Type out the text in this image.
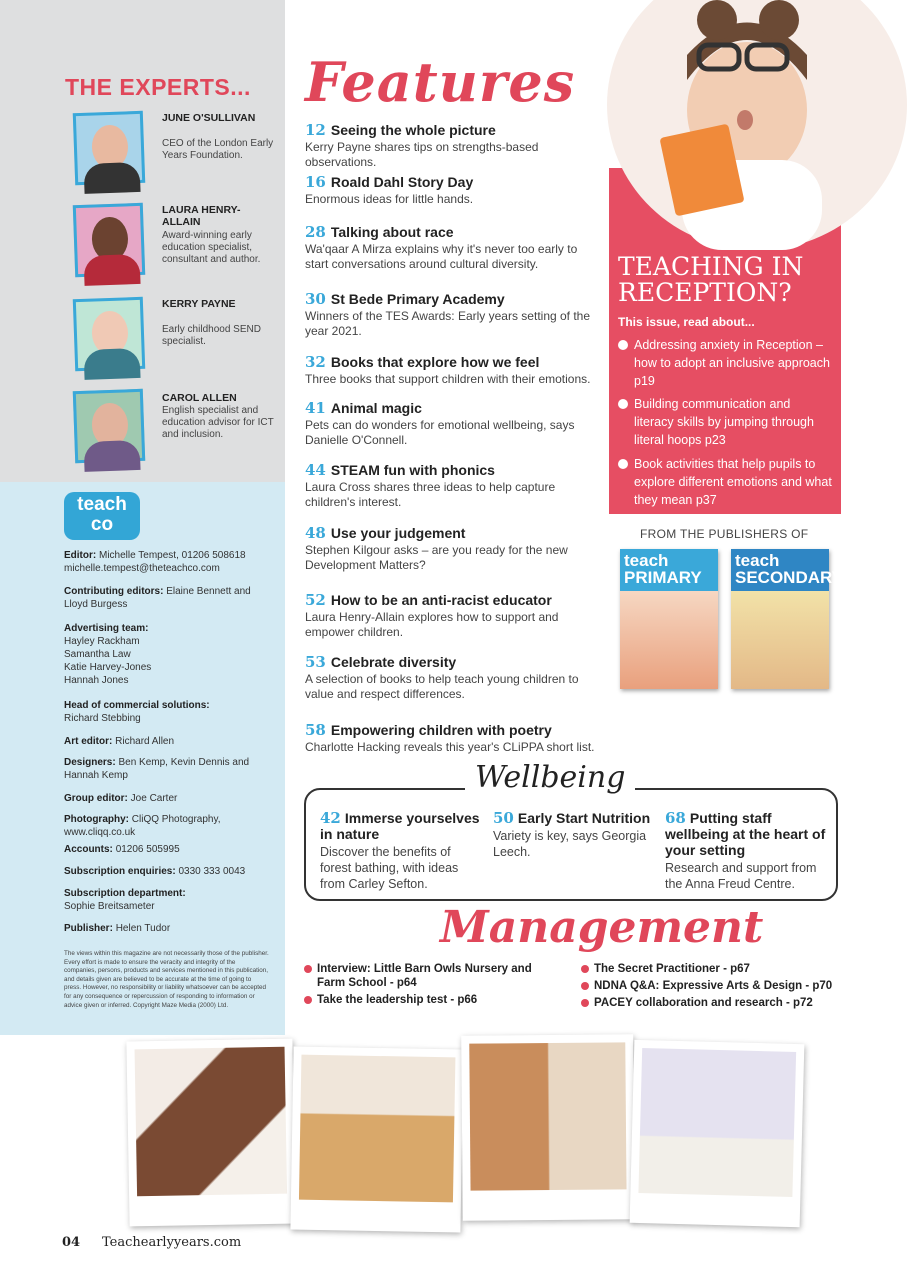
THE EXPERTS...
JUNE O'SULLIVAN
CEO of the London Early Years Foundation.
LAURA HENRY-ALLAIN
Award-winning early education specialist, consultant and author.
KERRY PAYNE
Early childhood SEND specialist.
CAROL ALLEN
English specialist and education advisor for ICT and inclusion.
teach
co
Editor: Michelle Tempest, 01206 508618 michelle.tempest@theteachco.com
Contributing editors: Elaine Bennett and Lloyd Burgess
Advertising team:
Hayley Rackham Samantha Law Katie Harvey-Jones Hannah Jones
Head of commercial solutions:
Richard Stebbing
Art editor: Richard Allen
Designers: Ben Kemp, Kevin Dennis and Hannah Kemp
Group editor: Joe Carter
Photography: CliQQ Photography, www.cliqq.co.uk
Accounts: 01206 505995
Subscription enquiries: 0330 333 0043
Subscription department:
Sophie Breitsameter
Publisher: Helen Tudor
The views within this magazine are not necessarily those of the publisher. Every effort is made to ensure the veracity and integrity of the companies, persons, products and services mentioned in this publication, and details given are believed to be accurate at the time of going to press. However, no responsibility or liability whatsoever can be accepted for any consequence or repercussion of responding to information or advice given or inferred. Copyright Maze Media (2000) Ltd.
Features
12 Seeing the whole picture
Kerry Payne shares tips on strengths-based observations.
16 Roald Dahl Story Day
Enormous ideas for little hands.
28 Talking about race
Wa'qaar A Mirza explains why it's never too early to start conversations around cultural diversity.
30 St Bede Primary Academy
Winners of the TES Awards: Early years setting of the year 2021.
32 Books that explore how we feel
Three books that support children with their emotions.
41 Animal magic
Pets can do wonders for emotional wellbeing, says Danielle O'Connell.
44 STEAM fun with phonics
Laura Cross shares three ideas to help capture children's interest.
48 Use your judgement
Stephen Kilgour asks – are you ready for the new Development Matters?
52 How to be an anti-racist educator
Laura Henry-Allain explores how to support and empower children.
53 Celebrate diversity
A selection of books to help teach young children to value and respect differences.
58 Empowering children with poetry
Charlotte Hacking reveals this year's CLiPPA short list.
TEACHING IN RECEPTION?
This issue, read about...
Addressing anxiety in Reception – how to adopt an inclusive approach p19
Building communication and literacy skills by jumping through literal hoops p23
Book activities that help pupils to explore different emotions and what they mean p37
FROM THE PUBLISHERS OF
teach
PRIMARY
teach
SECONDARY
Wellbeing
42 Immerse yourselves in nature
Discover the benefits of forest bathing, with ideas from Carley Sefton.
50 Early Start Nutrition
Variety is key, says Georgia Leech.
68 Putting staff wellbeing at the heart of your setting
Research and support from the Anna Freud Centre.
Management
Interview: Little Barn Owls Nursery and Farm School - p64
Take the leadership test - p66
The Secret Practitioner - p67
NDNA Q&A: Expressive Arts & Design - p70
PACEY collaboration and research - p72
04 Teachearlyyears.com
